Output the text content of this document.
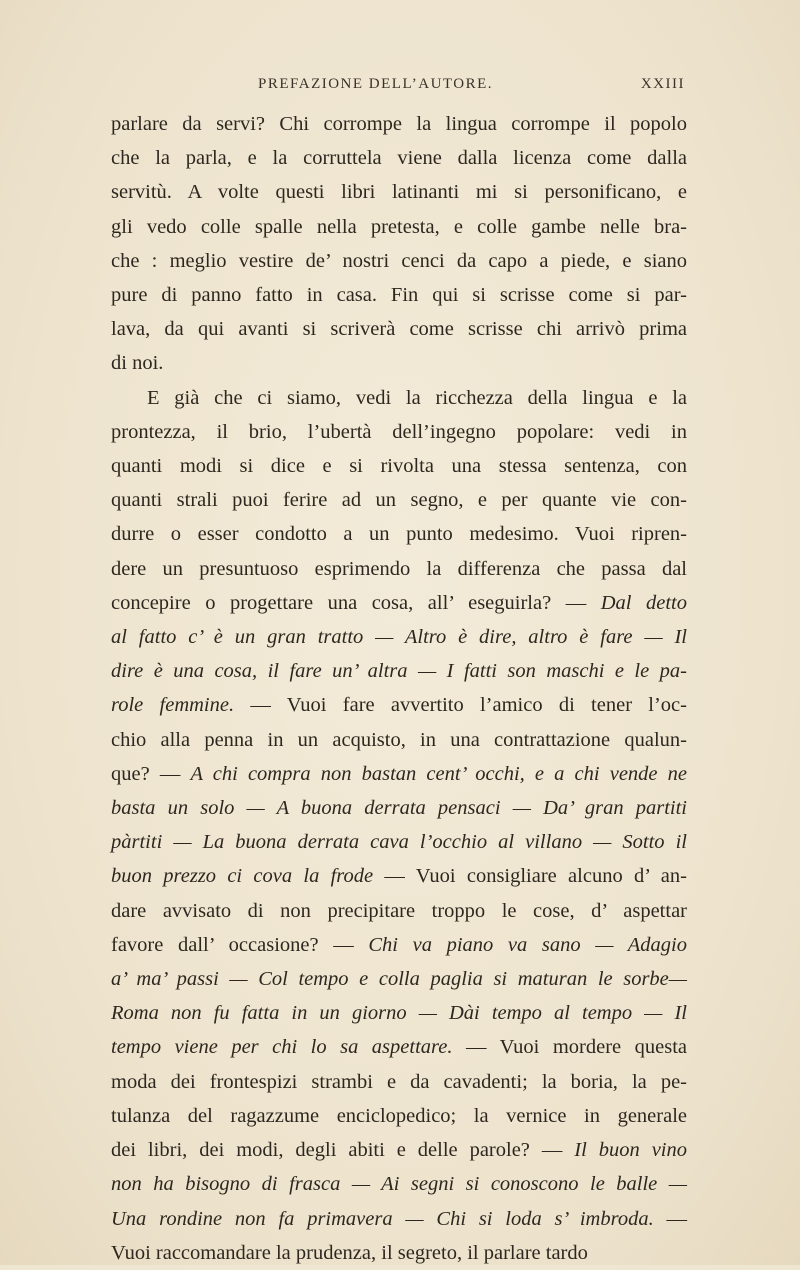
PREFAZIONE DELL’AUTORE.	XXIII
parlare da servi? Chi corrompe la lingua corrompe il popolo
che la parla, e la corruttela viene dalla licenza come dalla
servitù. A volte questi libri latinanti mi si personificano, e
gli vedo colle spalle nella pretesta, e colle gambe nelle bra-
che : meglio vestire de’ nostri cenci da capo a piede, e siano
pure di panno fatto in casa. Fin qui si scrisse come si par-
lava, da qui avanti si scriverà come scrisse chi arrivò prima
di noi.
E già che ci siamo, vedi la ricchezza della lingua e la
prontezza, il brio, l’ubertà dell’ingegno popolare: vedi in
quanti modi si dice e si rivolta una stessa sentenza, con
quanti strali puoi ferire ad un segno, e per quante vie con-
durre o esser condotto a un punto medesimo. Vuoi ripren-
dere un presuntuoso esprimendo la differenza che passa dal
concepire o progettare una cosa, all’ eseguirla? — Dal detto
al fatto c’ è un gran tratto — Altro è dire, altro è fare — Il
dire è una cosa, il fare un’ altra — I fatti son maschi e le pa-
role femmine. — Vuoi fare avvertito l’amico di tener l’oc-
chio alla penna in un acquisto, in una contrattazione qualun-
que? — A chi compra non bastan cent’ occhi, e a chi vende ne
basta un solo — A buona derrata pensaci — Da’ gran partiti
pàrtiti — La buona derrata cava l’occhio al villano — Sotto il
buon prezzo ci cova la frode — Vuoi consigliare alcuno d’ an-
dare avvisato di non precipitare troppo le cose, d’ aspettar
favore dall’ occasione? — Chi va piano va sano — Adagio
a’ ma’ passi — Col tempo e colla paglia si maturan le sorbe—
Roma non fu fatta in un giorno — Dài tempo al tempo — Il
tempo viene per chi lo sa aspettare. — Vuoi mordere questa
moda dei frontespizi strambi e da cavadenti; la boria, la pe-
tulanza del ragazzume enciclopedico; la vernice in generale
dei libri, dei modi, degli abiti e delle parole? — Il buon vino
non ha bisogno di frasca — Ai segni si conoscono le balle —
Una rondine non fa primavera — Chi si loda s’ imbroda. —
Vuoi raccomandare la prudenza, il segreto, il parlare tardo
